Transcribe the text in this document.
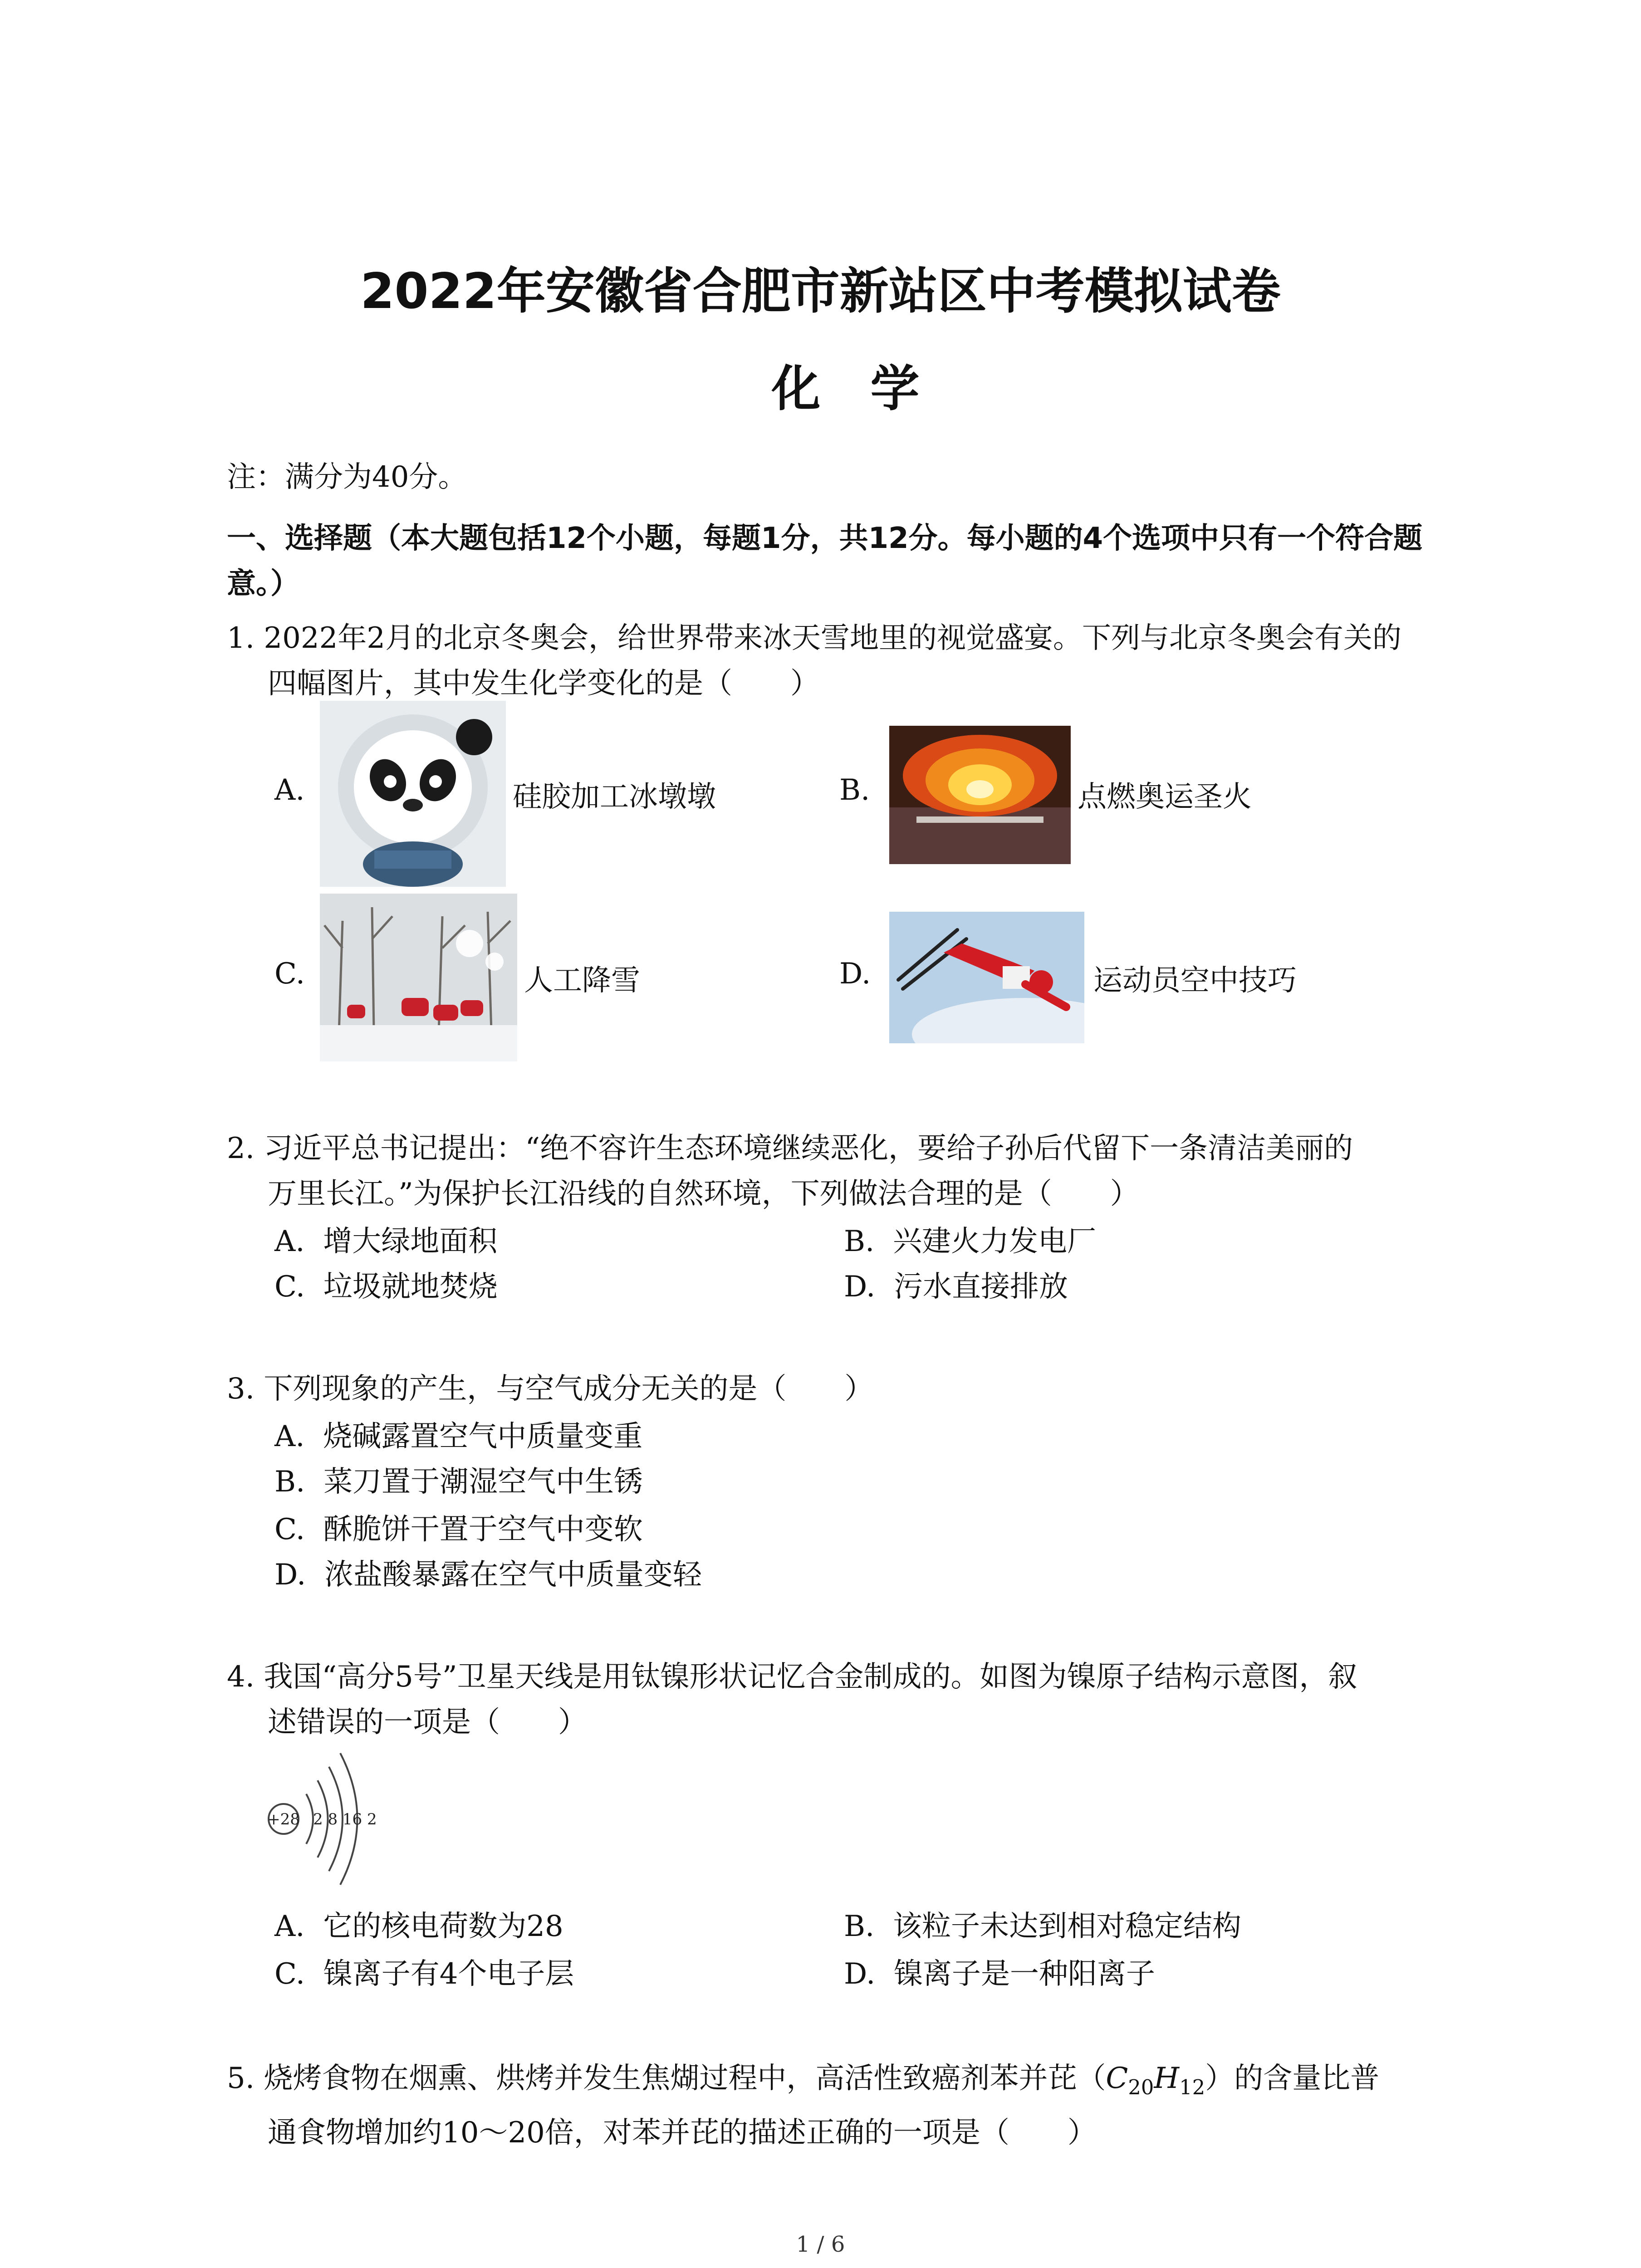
2022年安徽省合肥市新站区中考模拟试卷
化学
注：满分为40分。
一、选择题（本大题包括12个小题，每题1分，共12分。每小题的4个选项中只有一个符合题
意。）
1. 2022年2月的北京冬奥会，给世界带来冰天雪地里的视觉盛宴。下列与北京冬奥会有关的
四幅图片，其中发生化学变化的是（　　）
A.	硅胶加工冰墩墩	B.	点燃奥运圣火
C.	人工降雪	D.	运动员空中技巧
2. 习近平总书记提出：“绝不容许生态环境继续恶化，要给子孙后代留下一条清洁美丽的
万里长江。”为保护长江沿线的自然环境，下列做法合理的是（　　）
A. 增大绿地面积	B. 兴建火力发电厂
C. 垃圾就地焚烧	D. 污水直接排放
3. 下列现象的产生，与空气成分无关的是（　　）
A. 烧碱露置空气中质量变重
B. 菜刀置于潮湿空气中生锈
C. 酥脆饼干置于空气中变软
D. 浓盐酸暴露在空气中质量变轻
4. 我国“高分5号”卫星天线是用钛镍形状记忆合金制成的。如图为镍原子结构示意图，叙
述错误的一项是（　　）
+28 2 8 16 2
A. 它的核电荷数为28	B. 该粒子未达到相对稳定结构
C. 镍离子有4个电子层	D. 镍离子是一种阳离子
5. 烧烤食物在烟熏、烘烤并发生焦煳过程中，高活性致癌剂苯并芘$(C_{20}H_{12})$的含量比普
通食物增加约10～20倍，对苯并芘的描述正确的一项是（　　）
1 / 6
